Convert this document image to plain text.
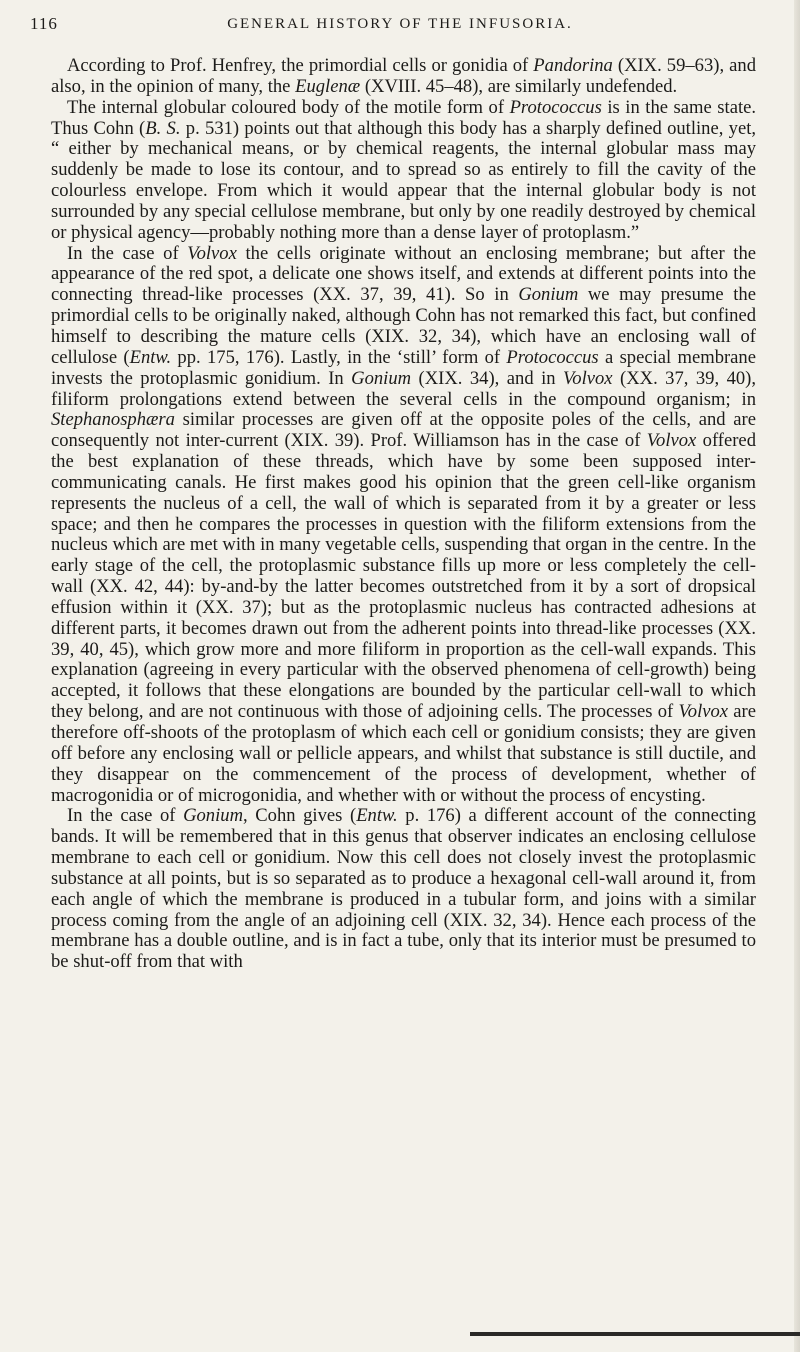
116	GENERAL HISTORY OF THE INFUSORIA.

According to Prof. Henfrey, the primordial cells or gonidia of Pandorina (XIX. 59–63), and also, in the opinion of many, the Euglenæ (XVIII. 45–48), are similarly undefended.

The internal globular coloured body of the motile form of Protococcus is in the same state. Thus Cohn (B. S. p. 531) points out that although this body has a sharply defined outline, yet, “ either by mechanical means, or by chemical reagents, the internal globular mass may suddenly be made to lose its contour, and to spread so as entirely to fill the cavity of the colourless envelope. From which it would appear that the internal globular body is not surrounded by any special cellulose membrane, but only by one readily destroyed by chemical or physical agency—probably nothing more than a dense layer of protoplasm.”

In the case of Volvox the cells originate without an enclosing membrane; but after the appearance of the red spot, a delicate one shows itself, and extends at different points into the connecting thread-like processes (XX. 37, 39, 41). So in Gonium we may presume the primordial cells to be originally naked, although Cohn has not remarked this fact, but confined himself to describing the mature cells (XIX. 32, 34), which have an enclosing wall of cellulose (Entw. pp. 175, 176). Lastly, in the ‘still’ form of Protococcus a special membrane invests the protoplasmic gonidium. In Gonium (XIX. 34), and in Volvox (XX. 37, 39, 40), filiform prolongations extend between the several cells in the compound organism; in Stephanosphæra similar processes are given off at the opposite poles of the cells, and are consequently not inter-current (XIX. 39). Prof. Williamson has in the case of Volvox offered the best explanation of these threads, which have by some been supposed inter-communicating canals. He first makes good his opinion that the green cell-like organism represents the nucleus of a cell, the wall of which is separated from it by a greater or less space; and then he compares the processes in question with the filiform extensions from the nucleus which are met with in many vegetable cells, suspending that organ in the centre. In the early stage of the cell, the protoplasmic substance fills up more or less completely the cell-wall (XX. 42, 44): by-and-by the latter becomes outstretched from it by a sort of dropsical effusion within it (XX. 37); but as the protoplasmic nucleus has contracted adhesions at different parts, it becomes drawn out from the adherent points into thread-like processes (XX. 39, 40, 45), which grow more and more filiform in proportion as the cell-wall expands. This explanation (agreeing in every particular with the observed phenomena of cell-growth) being accepted, it follows that these elongations are bounded by the particular cell-wall to which they belong, and are not continuous with those of adjoining cells. The processes of Volvox are therefore off-shoots of the protoplasm of which each cell or gonidium consists; they are given off before any enclosing wall or pellicle appears, and whilst that substance is still ductile, and they disappear on the commencement of the process of development, whether of macrogonidia or of microgonidia, and whether with or without the process of encysting.

In the case of Gonium, Cohn gives (Entw. p. 176) a different account of the connecting bands. It will be remembered that in this genus that observer indicates an enclosing cellulose membrane to each cell or gonidium. Now this cell does not closely invest the protoplasmic substance at all points, but is so separated as to produce a hexagonal cell-wall around it, from each angle of which the membrane is produced in a tubular form, and joins with a similar process coming from the angle of an adjoining cell (XIX. 32, 34). Hence each process of the membrane has a double outline, and is in fact a tube, only that its interior must be presumed to be shut-off from that with
